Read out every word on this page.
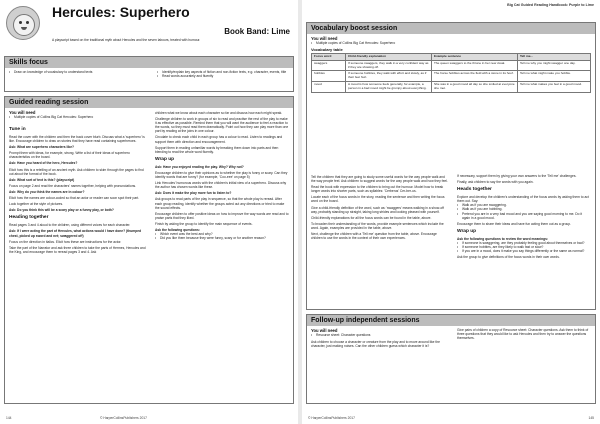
Hercules: Superhero
Book Band: Lime
A playscript based on the traditional myth about Hercules and the seven labours, treated with humour.
Skills focus
• Draw on knowledge of vocabulary to understand texts	• Identify/explain key aspects of fiction and non-fiction texts, e.g. character, events, title
• Read words accurately and fluently
Guided reading session
You will need
• Multiple copies of Collins Big Cat Hercules: Superhero
Tune in
Read the cover with the children and then the back cover blurb. Discuss what a 'superhero' is like. Encourage children to draw on stories that they have read containing superheroes.
Ask: What are superhero characters like?
Prompt them with ideas, for example, strong. Write a list of their ideas of superhero characteristics on the board.
Ask: Have you heard of the hero, Hercules?
Elicit how this is a retelling of an ancient myth. Ask children to skim through the pages to find out about the format of the book.
Ask: What sort of text is this? (playscript)
Focus on page 2 and read the characters' names together, helping with pronunciations.
Ask: Why do you think the names are in colour?
Elicit how the names are colour-coded so that an actor or reader can soon spot their part.
Look together at the style of pictures.
Ask: Do you think this will be a scary play or a funny play, or both?
Heading together
Read pages 3 and 4 aloud to the children, using different voices for each character.
Ask: If I were acting the part of Hercules, what actions would I have done? (thumped chest, picked up sword and net; swaggered off)
Focus on the direction in italics. Elicit how these are instructions for the actor.
Take the part of the Narrator and ask three children to take the parts of Hermes, Hercules and the King, and encourage them to reread pages 3 and 4. Ask
children what we know about each character so far and discuss how each might speak.
Challenge children to work in groups of six to read and practise the rest of the play to make it as effective as possible. Remind them that you will want the audience to feel a reaction to the words, so they must read them dramatically. Point out how they can play more than one part by reading at the joins in one colour.
Circulate to check each child in each group has a colour to read. Listen to readings and support them with direction and encouragement.
Support them in reading unfamiliar words by breaking them down into parts and then blending to read the whole word fluently.
Wrap up
Ask: Have you enjoyed reading the play. Why? Why not?
Encourage children to give their opinions as to whether the play is funny or scary. Can they identify words that are funny? (for example, 'Coo-eee' on page 5)
Link Hercules' humorous words with the children's initial view of a superhero. Discuss why the author has chosen words like these.
Ask: Does it make the play more fun to listen to?
Ask groups to read parts of the play in sequence, so that the whole play is reread. After each group reading, identify whether the groups acted out any directions or tried to make the sound effects.
Encourage children to offer positive ideas on how to improve the way words are read and to praise parts that they liked.
Finish by asking the group to identify the main sequence of events.
Ask the following questions:
• Which event was the best and why?
• Did you like them because they were funny, scary or for another reason?
144	© HarperCollinsPublishers 2017
Big Cat Guided Reading Handbook: Purple to Lime
Vocabulary boost session
You will need
• Multiple copies of Collins Big Cat Hercules: Superhero
Vocabulary table
Focus word	Child-friendly explanation	Example sentence	Tell me...
swaggers	If someone swaggers, they walk in a very confident way as if they are showing off.	The queen swaggers to the throne in her new cloak.	Tell me why you might swagger one day.
hobbles	If someone hobbles, they walk with effort and slowly, as if their feet hurt.	The horse hobbles across the field with a stone in its hoof.	Tell me what might make you hobble.
mood	A mood is how someone feels generally, for example, a person in a bad mood might be grumpy about everything.	She was in a good mood all day so she smiled at everyone she met.	Tell me what makes you feel in a good mood.
Tell the children that they are going to study some useful words for the way people walk and the way people feel. Ask children to suggest words for the way people walk and how they feel.
Read the book with expression to the children to bring out the humour. Model how to break longer words into shorter parts, such as syllables: 'Cerberus' Cer-ber-us.
Locate each of the focus words in the story, reading the sentence and then writing the focus word on the board.
Give a child-friendly definition of the word, such as: 'swaggers' means walking in a show-off way, probably standing up straight, taking long strides and looking pleased with yourself.
Child-friendly explanations for all the focus words can be found in the table, above.
To broaden their understanding of the words, provide example sentences which include the word. Again, examples are provided in the table, above.
Next, challenge the children with a 'Tell me' question from the table, above. Encourage children to use the words in the context of their own experiences.
If necessary, support them by giving your own answers to the 'Tell me' challenges.
Finally, ask children to say the words with you again.
Heads together
Explore and develop the children's understanding of the focus words by asking them to act them out. Say:
• Walk as if you are swaggering.
• Walk as if you are hobbling.
• Pretend you are in a very bad mood and you are saying good morning to me. Do it again in a good mood.
Encourage them to share their ideas and have fun acting them out as a group.
Wrap up
Ask the following questions to review the word meanings:
• If someone is swaggering, are they probably feeling good about themselves or bad?
• If someone hobbles, are they likely to walk fast or slow?
• If you are in a mood, does it make you say things differently or the same as normal?
Ask the group to give definitions of the focus words in their own words.
Follow-up independent sessions
You will need
• Resource sheet: Character questions
Ask children to choose a character or creature from the play and to move around like the character, just making noises. Can the other children guess which character it is?
Give pairs of children a copy of Resource sheet: Character questions. Ask them to think of three questions that they would like to ask Hercules and then try to answer the questions themselves.
© HarperCollinsPublishers 2017	145
